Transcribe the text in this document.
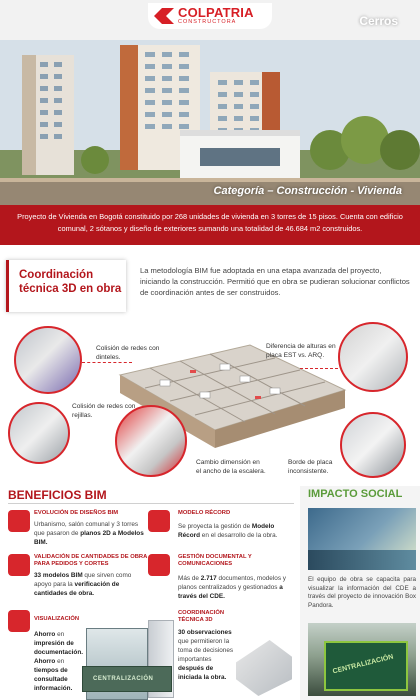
COLPATRIA
CONSTRUCTORA	Cerros
Categoría – Construcción - Vivienda
Proyecto de Vivienda en Bogotá constituido por 268 unidades de vivienda en 3 torres de 15 pisos. Cuenta con edificio comunal, 2 sótanos y diseño de exteriores sumando una totalidad de 46.684 m2 construidos.
Coordinación
técnica 3D en obra

La metodología BIM fue adoptada en una etapa avanzada del proyecto, iniciando la construcción. Permitió que en obra se pudieran solucionar conflictos de coordinación antes de ser construidos.

Colisión de redes con dinteles.
Diferencia de alturas en placa EST vs. ARQ.
Colisión de redes con rejillas.
Cambio dimensión en el ancho de la escalera.
Borde de placa inconsistente.
BENEFICIOS BIM
EVOLUCIÓN DE DISEÑOS BIM

Urbanismo, salón comunal y 3 torres que pasaron de planos 2D a Modelos BIM.

VALIDACIÓN DE CANTIDADES DE OBRA PARA PEDIDOS Y CORTES

33 modelos BIM que sirven como apoyo para la verificación de cantidades de obra.

VISUALIZACIÓN

Ahorro en impresión de documentación.
Ahorro en tiempos de consultade información.

MODELO RÉCORD

Se proyecta la gestión de Modelo Récord en el desarrollo de la obra.

GESTIÓN DOCUMENTAL Y COMUNICACIONES

Más de 2.717 documentos, modelos y planos centralizados y gestionados a través del CDE.

COORDINACIÓN TÉCNICA 3D

30 observaciones que permitieron la toma de decisiones importantes después de iniciada la obra.

IMPACTO SOCIAL

El equipo de obra se capacita para visualizar la información del CDE a través del proyecto de innovación Box Pandora.

CENTRALIZACIÓN
CENTRALIZACIÓN
